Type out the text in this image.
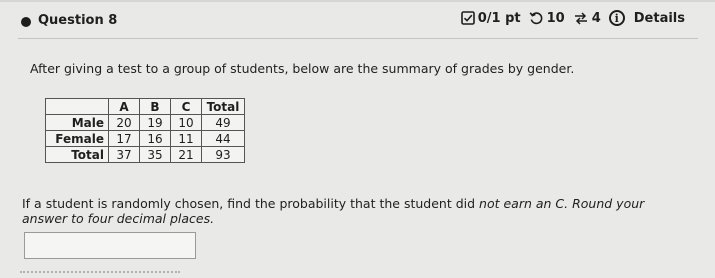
Question 8	0/1 pt 10 4	i	Details
After giving a test to a group of students, below are the summary of grades by gender.
	A	B	C	Total
Male	20	19	10	49
Female	17	16	11	44
Total	37	35	21	93
If a student is randomly chosen, find the probability that the student did not earn an C. Round your answer to four decimal places.
